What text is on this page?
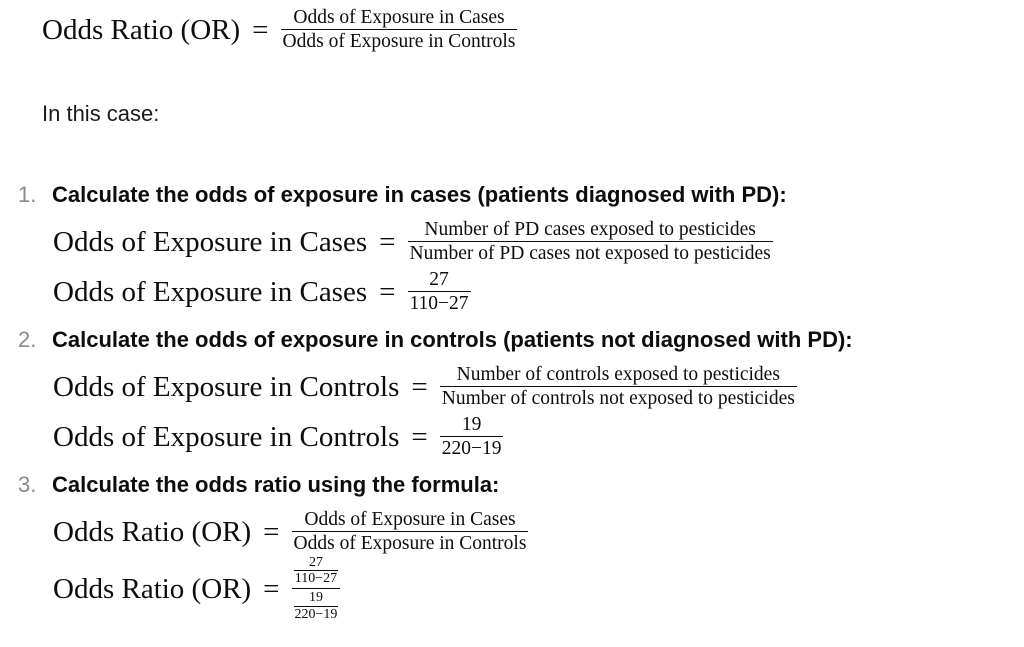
Odds Ratio $(OR) = \frac{\text{Odds of Exposure in Cases}}{\text{Odds of Exposure in Controls}}$
In this case:
1. Calculate the odds of exposure in cases (patients diagnosed with PD):
Odds of Exposure in Cases = $\frac{\text{Number of PD cases exposed to pesticides}}{\text{Number of PD cases not exposed to pesticides}}$
Odds of Exposure in Cases = $\frac{27}{110-27}$
2. Calculate the odds of exposure in controls (patients not diagnosed with PD):
Odds of Exposure in Controls = $\frac{\text{Number of controls exposed to pesticides}}{\text{Number of controls not exposed to pesticides}}$
Odds of Exposure in Controls = $\frac{19}{220-19}$
3. Calculate the odds ratio using the formula:
Odds Ratio $(OR) = \frac{\text{Odds of Exposure in Cases}}{\text{Odds of Exposure in Controls}}$
Odds Ratio $(OR) = \frac{\frac{27}{110-27}}{\frac{19}{220-19}}$
